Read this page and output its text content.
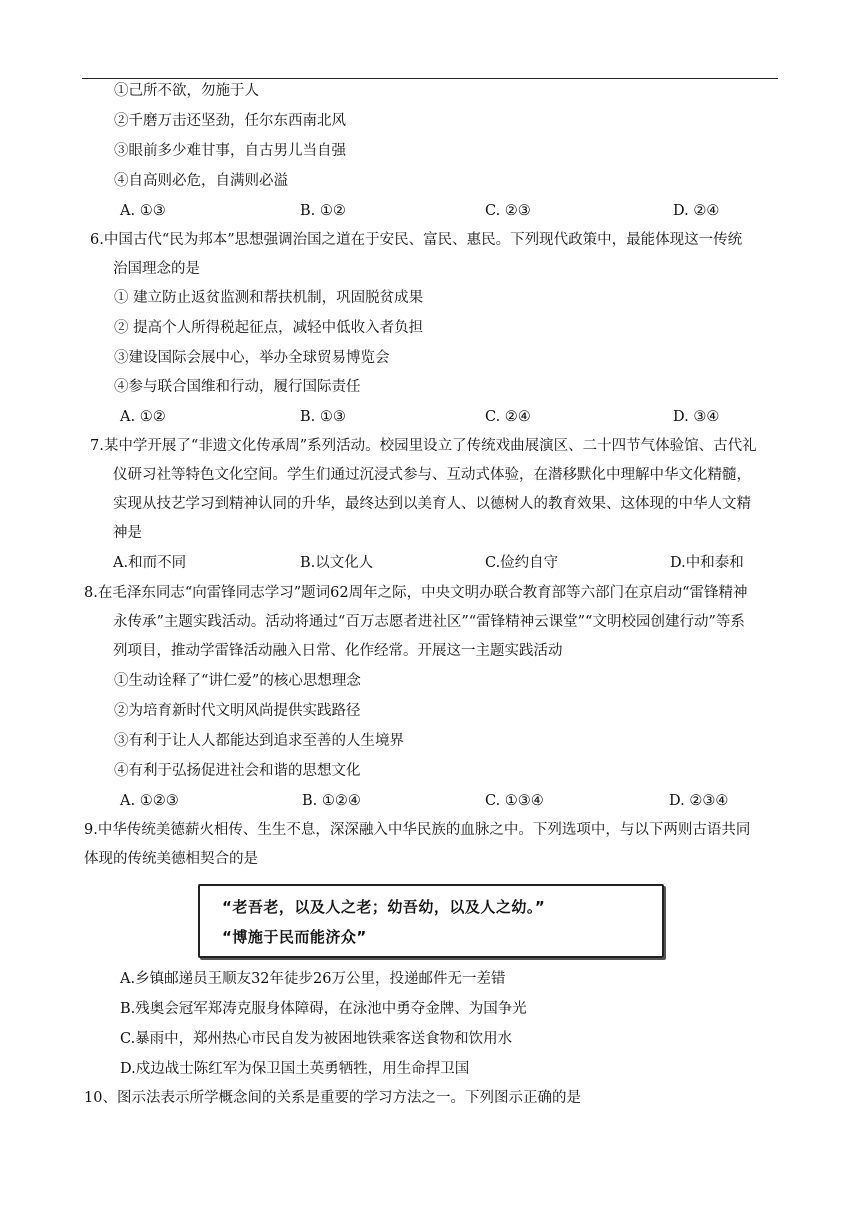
①己所不欲，勿施于人
②千磨万击还坚劲，任尔东西南北风
③眼前多少难甘事，自古男儿当自强
④自高则必危，自满则必溢
A. ①③	B. ①②	C. ②③	D. ②④
6.中国古代“民为邦本”思想强调治国之道在于安民、富民、惠民。下列现代政策中，最能体现这一传统
治国理念的是
① 建立防止返贫监测和帮扶机制，巩固脱贫成果
② 提高个人所得税起征点，减轻中低收入者负担
③建设国际会展中心，举办全球贸易博览会
④参与联合国维和行动，履行国际责任
A. ①②	B. ①③	C. ②④	D. ③④
7.某中学开展了“非遗文化传承周”系列活动。校园里设立了传统戏曲展演区、二十四节气体验馆、古代礼
仪研习社等特色文化空间。学生们通过沉浸式参与、互动式体验，在潜移默化中理解中华文化精髓，
实现从技艺学习到精神认同的升华，最终达到以美育人、以德树人的教育效果、这体现的中华人文精
神是
A.和而不同	B.以文化人	C.俭约自守	D.中和泰和
8.在毛泽东同志“向雷锋同志学习”题词62周年之际，中央文明办联合教育部等六部门在京启动“雷锋精神
永传承”主题实践活动。活动将通过“百万志愿者进社区”“雷锋精神云课堂”“文明校园创建行动”等系
列项目，推动学雷锋活动融入日常、化作经常。开展这一主题实践活动
①生动诠释了“讲仁爱”的核心思想理念
②为培育新时代文明风尚提供实践路径
③有利于让人人都能达到追求至善的人生境界
④有利于弘扬促进社会和谐的思想文化
A. ①②③	B. ①②④	C. ①③④	D. ②③④
9.中华传统美德薪火相传、生生不息，深深融入中华民族的血脉之中。下列选项中，与以下两则古语共同
体现的传统美德相契合的是
“老吾老，以及人之老；幼吾幼，以及人之幼。”
“博施于民而能济众”
A.乡镇邮递员王顺友32年徒步26万公里，投递邮件无一差错
B.残奥会冠军郑涛克服身体障碍，在泳池中勇夺金牌、为国争光
C.暴雨中，郑州热心市民自发为被困地铁乘客送食物和饮用水
D.戍边战士陈红军为保卫国土英勇牺牲，用生命捍卫国
10、图示法表示所学概念间的关系是重要的学习方法之一。下列图示正确的是
